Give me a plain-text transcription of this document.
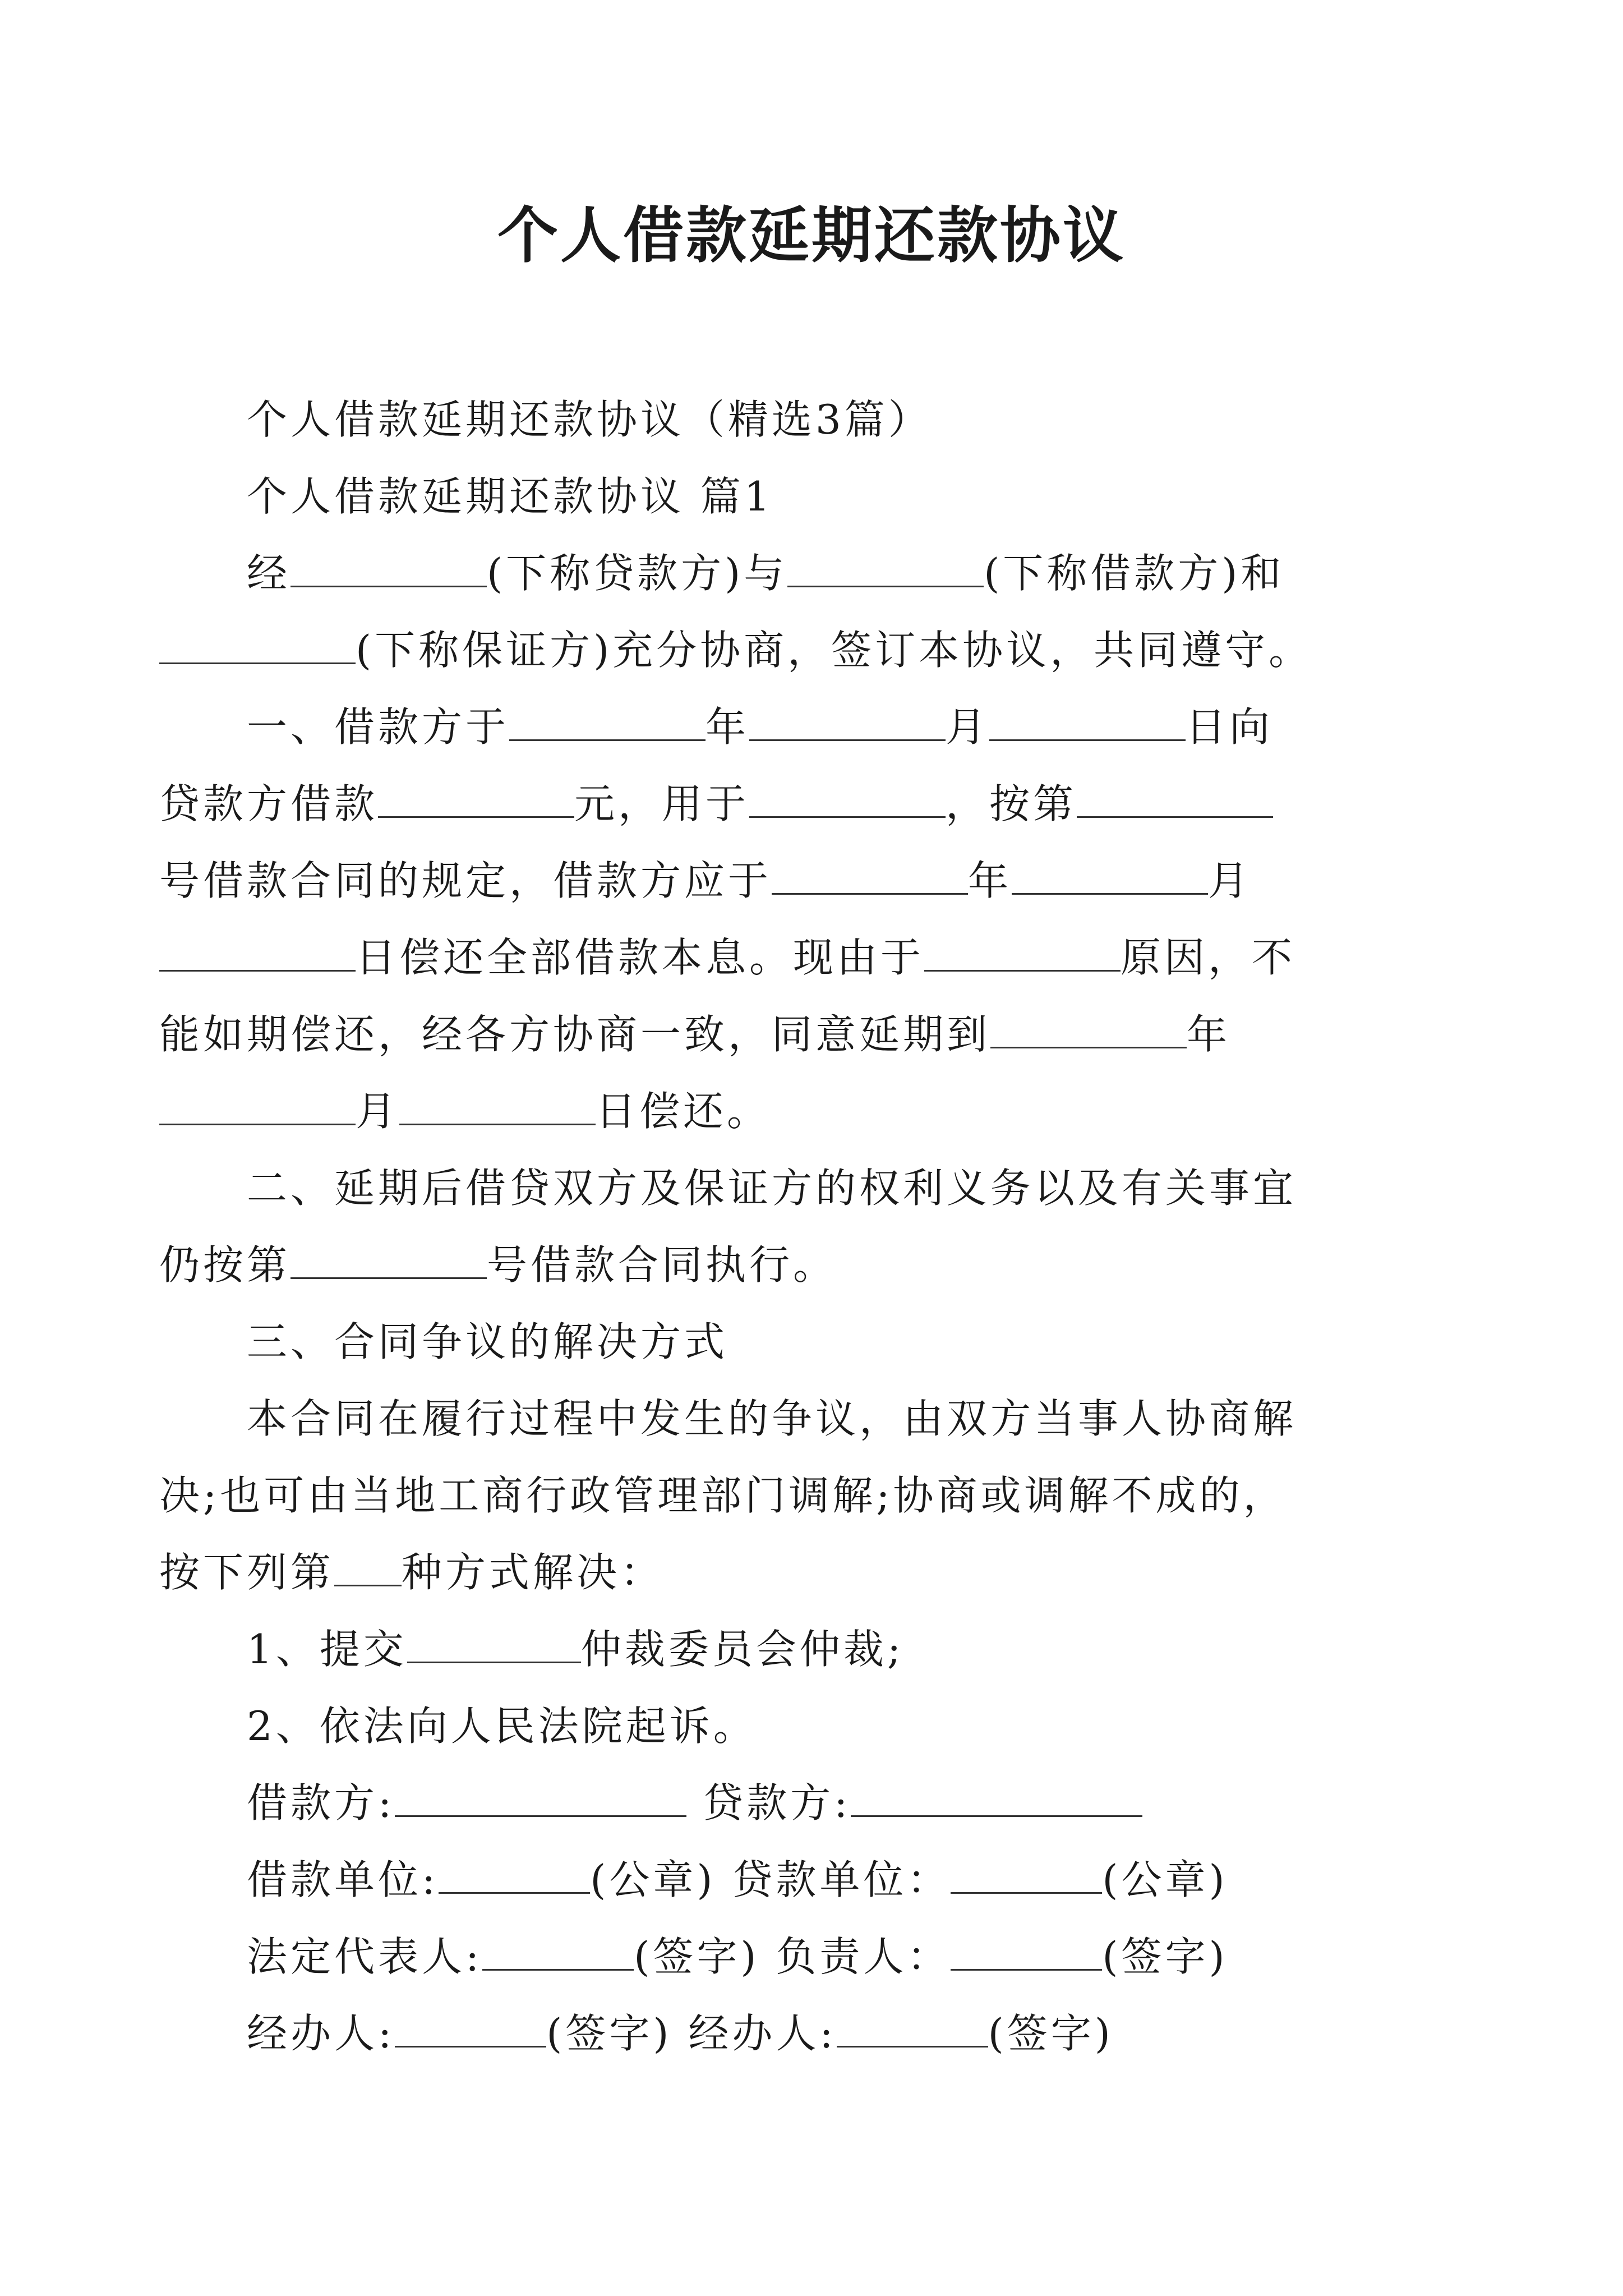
个人借款延期还款协议

个人借款延期还款协议（精选3篇）

个人借款延期还款协议 篇1

经	(下称贷款方)与	(下称借款方)和

(下称保证方)充分协商，签订本协议，共同遵守。

一、借款方于	年	月	日向

贷款方借款	元，用于	，按第

号借款合同的规定，借款方应于	年	月

日偿还全部借款本息。现由于	原因，不

能如期偿还，经各方协商一致，同意延期到	年

月	日偿还。

二、延期后借贷双方及保证方的权利义务以及有关事宜

仍按第	号借款合同执行。

三、合同争议的解决方式

本合同在履行过程中发生的争议，由双方当事人协商解

决;也可由当地工商行政管理部门调解;协商或调解不成的，

按下列第 种方式解决：

1、提交	仲裁委员会仲裁;

2、依法向人民法院起诉。

借款方:	贷款方:

借款单位:	(公章) 贷款单位：	(公章)

法定代表人:	(签字) 负责人：	(签字)

经办人:	(签字) 经办人:	(签字)
